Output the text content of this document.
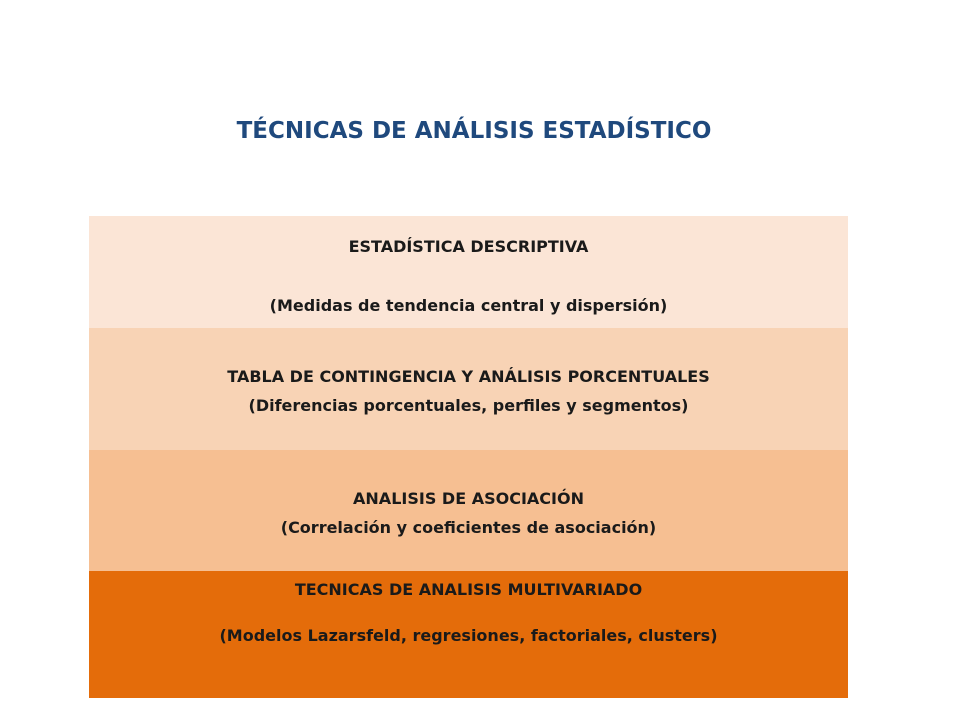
TÉCNICAS DE ANÁLISIS ESTADÍSTICO
ESTADÍSTICA DESCRIPTIVA
(Medidas de tendencia central y dispersión)
TABLA DE CONTINGENCIA Y ANÁLISIS PORCENTUALES
(Diferencias porcentuales, perfiles y segmentos)
ANALISIS DE ASOCIACIÓN
(Correlación y coeficientes de asociación)
TECNICAS DE ANALISIS MULTIVARIADO
(Modelos Lazarsfeld, regresiones, factoriales, clusters)
